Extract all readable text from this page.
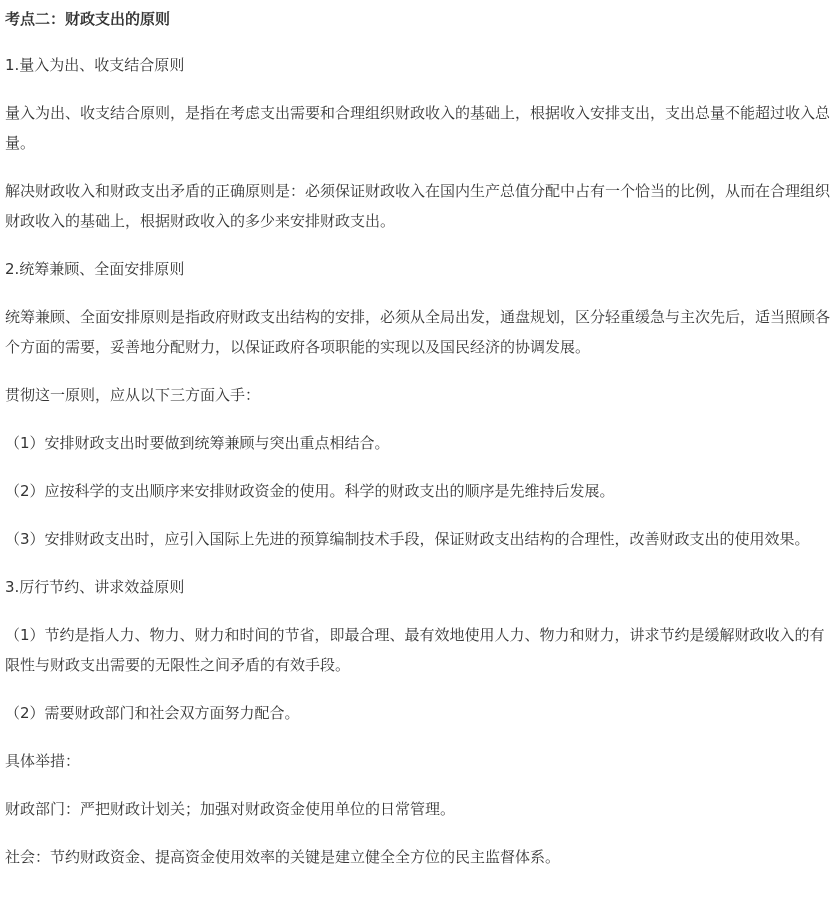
考点二：财政支出的原则

1.量入为出、收支结合原则

量入为出、收支结合原则，是指在考虑支出需要和合理组织财政收入的基础上，根据收入安排支出，支出总量不能超过收入总量。

解决财政收入和财政支出矛盾的正确原则是：必须保证财政收入在国内生产总值分配中占有一个恰当的比例，从而在合理组织财政收入的基础上，根据财政收入的多少来安排财政支出。

2.统筹兼顾、全面安排原则

统筹兼顾、全面安排原则是指政府财政支出结构的安排，必须从全局出发，通盘规划，区分轻重缓急与主次先后，适当照顾各个方面的需要，妥善地分配财力，以保证政府各项职能的实现以及国民经济的协调发展。

贯彻这一原则，应从以下三方面入手：

（1）安排财政支出时要做到统筹兼顾与突出重点相结合。

（2）应按科学的支出顺序来安排财政资金的使用。科学的财政支出的顺序是先维持后发展。

（3）安排财政支出时，应引入国际上先进的预算编制技术手段，保证财政支出结构的合理性，改善财政支出的使用效果。

3.厉行节约、讲求效益原则

（1）节约是指人力、物力、财力和时间的节省，即最合理、最有效地使用人力、物力和财力，讲求节约是缓解财政收入的有限性与财政支出需要的无限性之间矛盾的有效手段。

（2）需要财政部门和社会双方面努力配合。

具体举措：

财政部门：严把财政计划关；加强对财政资金使用单位的日常管理。

社会：节约财政资金、提高资金使用效率的关键是建立健全全方位的民主监督体系。
